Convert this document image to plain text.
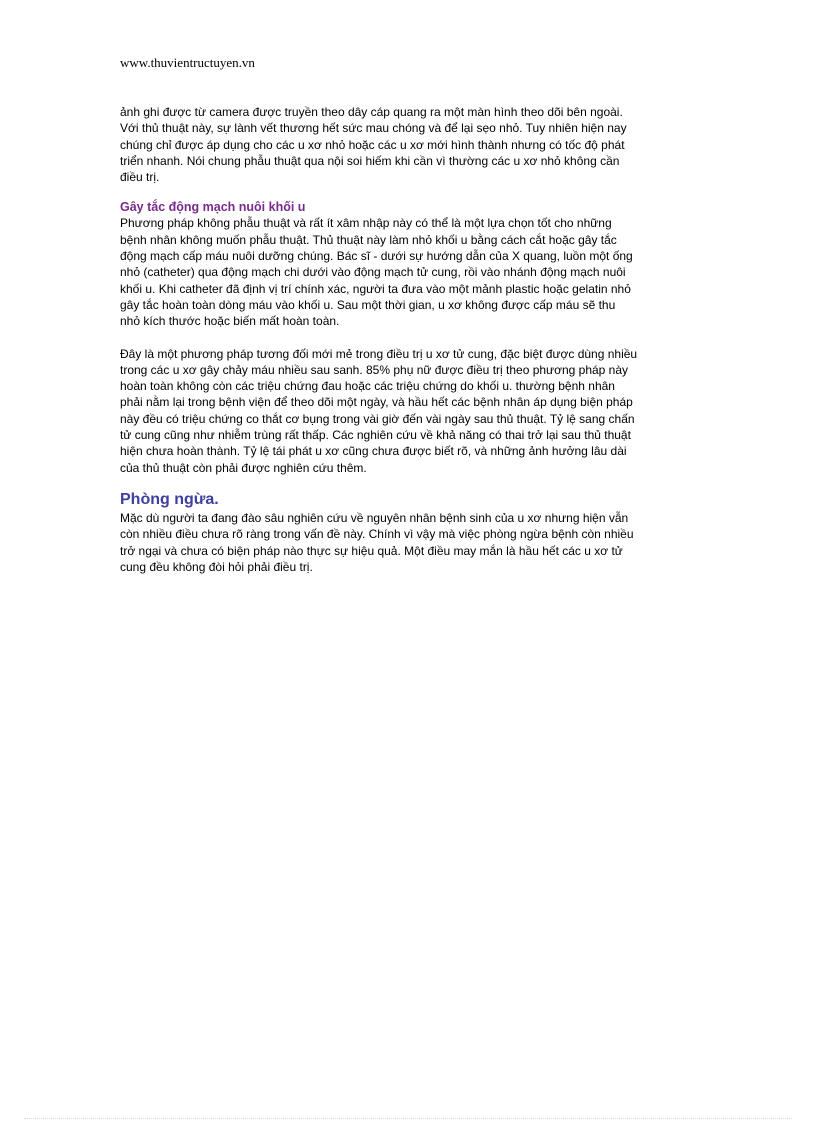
www.thuvientructuyen.vn

ảnh ghi được từ camera được truyền theo dây cáp quang ra một màn hình theo dõi bên ngoài.
Với thủ thuật này, sự lành vết thương hết sức mau chóng và để lại sẹo nhỏ. Tuy nhiên hiện nay
chúng chỉ được áp dụng cho các u xơ nhỏ hoặc các u xơ mới hình thành nhưng có tốc độ phát
triển nhanh. Nói chung phẫu thuật qua nội soi hiếm khi cần vì thường các u xơ nhỏ không cần
điều trị.

Gây tắc động mạch nuôi khối u

Phương pháp không phẫu thuật và rất ít xâm nhập này có thể là một lựa chọn tốt cho những
bệnh nhân không muốn phẫu thuật. Thủ thuật này làm nhỏ khối u bằng cách cắt hoặc gây tắc
động mạch cấp máu nuôi dưỡng chúng. Bác sĩ - dưới sự hướng dẫn của X quang, luồn một ống
nhỏ (catheter) qua động mạch chi dưới vào động mạch tử cung, rồi vào nhánh động mạch nuôi
khối u. Khi catheter đã định vị trí chính xác, người ta đưa vào một mảnh plastic hoặc gelatin nhỏ
gây tắc hoàn toàn dòng máu vào khối u. Sau một thời gian, u xơ không được cấp máu sẽ thu
nhỏ kích thước hoặc biến mất hoàn toàn.

Đây là một phương pháp tương đối mới mẻ trong điều trị u xơ tử cung, đặc biệt được dùng nhiều
trong các u xơ gây chảy máu nhiều sau sanh. 85% phụ nữ được điều trị theo phương pháp này
hoàn toàn không còn các triệu chứng đau hoặc các triệu chứng do khối u. thường bệnh nhân
phải nằm lại trong bệnh viện để theo dõi một ngày, và hầu hết các bệnh nhân áp dụng biện pháp
này đều có triệu chứng co thắt cơ bụng trong vài giờ đến vài ngày sau thủ thuật. Tỷ lệ sang chấn
tử cung cũng như nhiễm trùng rất thấp. Các nghiên cứu về khả năng có thai trở lại sau thủ thuật
hiện chưa hoàn thành. Tỷ lệ tái phát u xơ cũng chưa được biết rõ, và những ảnh hưởng lâu dài
của thủ thuật còn phải được nghiên cứu thêm.

Phòng ngừa.

Mặc dù người ta đang đào sâu nghiên cứu về nguyên nhân bệnh sinh của u xơ nhưng hiện vẫn
còn nhiều điều chưa rõ ràng trong vấn đề này. Chính vì vậy mà việc phòng ngừa bệnh còn nhiều
trở ngại và chưa có biện pháp nào thực sự hiệu quả. Một điều may mắn là hầu hết các u xơ tử
cung đều không đòi hỏi phải điều trị.
